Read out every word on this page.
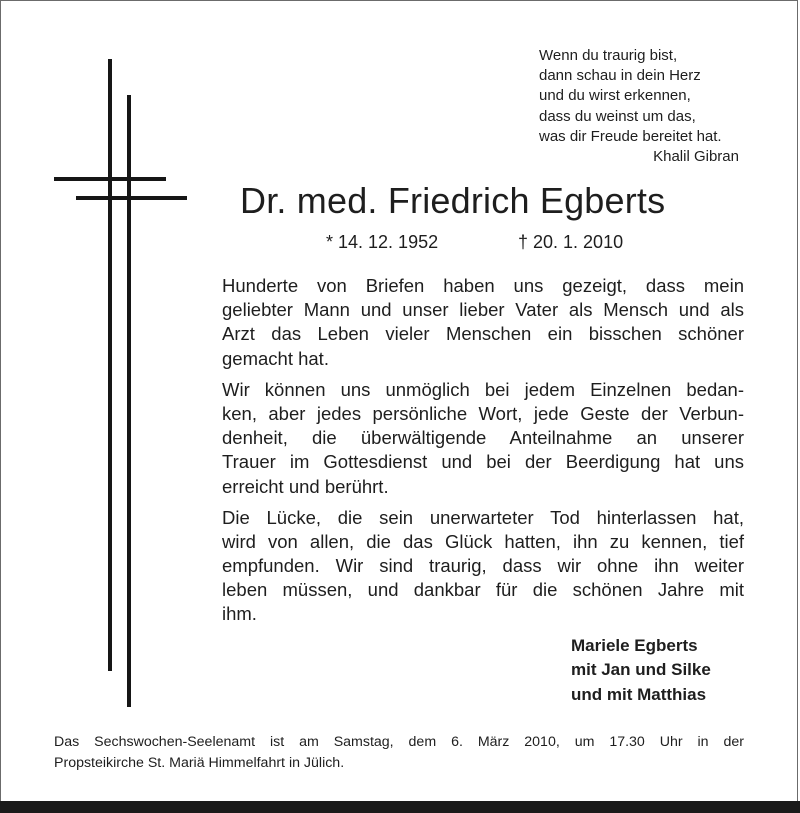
Wenn du traurig bist,
dann schau in dein Herz
und du wirst erkennen,
dass du weinst um das,
was dir Freude bereitet hat.
Khalil Gibran
Dr. med. Friedrich Egberts
* 14. 12. 1952	† 20. 1. 2010
Hunderte von Briefen haben uns gezeigt, dass mein
geliebter Mann und unser lieber Vater als Mensch und als
Arzt das Leben vieler Menschen ein bisschen schöner
gemacht hat.
Wir können uns unmöglich bei jedem Einzelnen bedan-
ken, aber jedes persönliche Wort, jede Geste der Verbun-
denheit, die überwältigende Anteilnahme an unserer
Trauer im Gottesdienst und bei der Beerdigung hat uns
erreicht und berührt.
Die Lücke, die sein unerwarteter Tod hinterlassen hat,
wird von allen, die das Glück hatten, ihn zu kennen, tief
empfunden. Wir sind traurig, dass wir ohne ihn weiter
leben müssen, und dankbar für die schönen Jahre mit
ihm.
Mariele Egberts
mit Jan und Silke
und mit Matthias
Das Sechswochen-Seelenamt ist am Samstag, dem 6. März 2010, um 17.30 Uhr in der
Propsteikirche St. Mariä Himmelfahrt in Jülich.
